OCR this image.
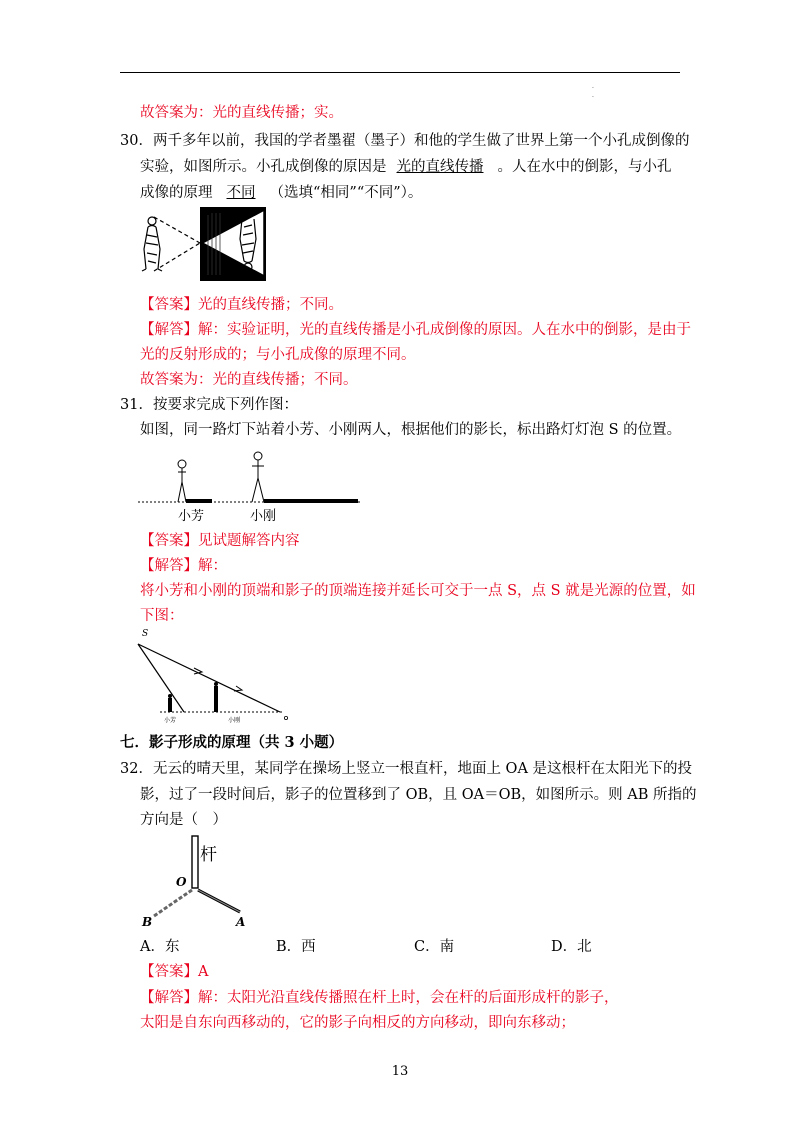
. .
故答案为：光的直线传播；实。
30．两千多年以前，我国的学者墨翟（墨子）和他的学生做了世界上第一个小孔成倒像的
实验，如图所示。小孔成倒像的原因是 光的直线传播 。人在水中的倒影，与小孔
成像的原理 不同 （选填“相同”“不同”）。
【答案】光的直线传播；不同。
【解答】解：实验证明，光的直线传播是小孔成倒像的原因。人在水中的倒影，是由于
光的反射形成的；与小孔成像的原理不同。
故答案为：光的直线传播；不同。
31．按要求完成下列作图：
如图，同一路灯下站着小芳、小刚两人，根据他们的影长，标出路灯灯泡 S 的位置。
小芳	小刚
【答案】见试题解答内容
【解答】解：
将小芳和小刚的顶端和影子的顶端连接并延长可交于一点 S，点 S 就是光源的位置，如
下图：
S
小芳	小刚
七．影子形成的原理（共 3 小题）
32．无云的晴天里，某同学在操场上竖立一根直杆，地面上 OA 是这根杆在太阳光下的投
影，过了一段时间后，影子的位置移到了 OB，且 OA＝OB，如图所示。则 AB 所指的
方向是（　）
杆
O
B	A
A．东	B．西	C．南	D．北
【答案】A
【解答】解：太阳光沿直线传播照在杆上时，会在杆的后面形成杆的影子，
太阳是自东向西移动的，它的影子向相反的方向移动，即向东移动；
13
